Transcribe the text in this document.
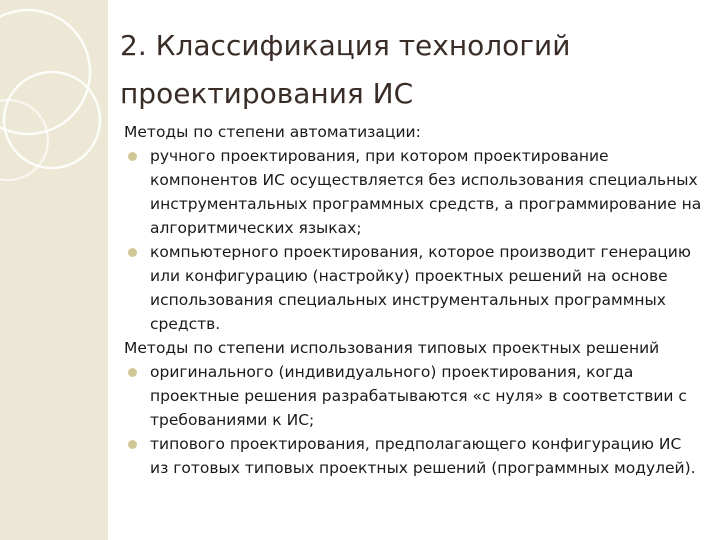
2. Классификация технологий проектирования ИС

Методы по степени автоматизации:

ручного проектирования, при котором проектирование компонентов ИС осуществляется без использования специальных инструментальных программных средств, а программирование на алгоритмических языках;
компьютерного проектирования, которое производит генерацию или конфигурацию (настройку) проектных решений на основе использования специальных инструментальных программных средств.

Методы по степени использования типовых проектных решений

оригинального (индивидуального) проектирования, когда проектные решения разрабатываются «с нуля» в соответствии с требованиями к ИС;
типового проектирования, предполагающего конфигурацию ИС из готовых типовых проектных решений (программных модулей).
